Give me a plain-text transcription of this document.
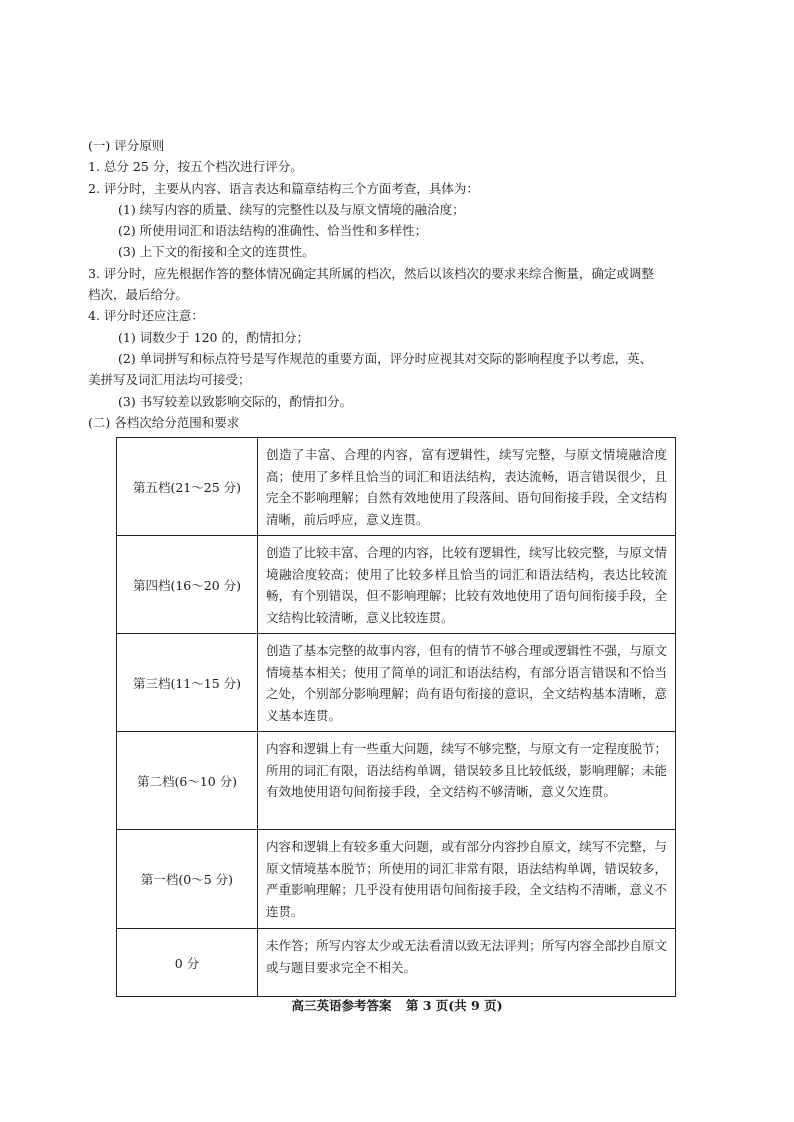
(一) 评分原则
1. 总分 25 分，按五个档次进行评分。
2. 评分时，主要从内容、语言表达和篇章结构三个方面考查，具体为：
(1) 续写内容的质量、续写的完整性以及与原文情境的融洽度；
(2) 所使用词汇和语法结构的准确性、恰当性和多样性；
(3) 上下文的衔接和全文的连贯性。
3. 评分时，应先根据作答的整体情况确定其所属的档次，然后以该档次的要求来综合衡量，确定或调整
档次，最后给分。
4. 评分时还应注意：
(1) 词数少于 120 的，酌情扣分；
(2) 单词拼写和标点符号是写作规范的重要方面，评分时应视其对交际的影响程度予以考虑，英、
美拼写及词汇用法均可接受；
(3) 书写较差以致影响交际的，酌情扣分。
(二) 各档次给分范围和要求
第五档(21～25 分)	创造了丰富、合理的内容，富有逻辑性，续写完整，与原文情境融洽度高；使用了多样且恰当的词汇和语法结构，表达流畅，语言错误很少，且完全不影响理解；自然有效地使用了段落间、语句间衔接手段，全文结构清晰，前后呼应，意义连贯。
第四档(16～20 分)	创造了比较丰富、合理的内容，比较有逻辑性，续写比较完整，与原文情境融洽度较高；使用了比较多样且恰当的词汇和语法结构，表达比较流畅，有个别错误，但不影响理解；比较有效地使用了语句间衔接手段，全文结构比较清晰，意义比较连贯。
第三档(11～15 分)	创造了基本完整的故事内容，但有的情节不够合理或逻辑性不强，与原文情境基本相关；使用了简单的词汇和语法结构，有部分语言错误和不恰当之处，个别部分影响理解；尚有语句衔接的意识，全文结构基本清晰，意义基本连贯。
第二档(6～10 分)	内容和逻辑上有一些重大问题，续写不够完整，与原文有一定程度脱节；所用的词汇有限，语法结构单调，错误较多且比较低级，影响理解；未能有效地使用语句间衔接手段，全文结构不够清晰，意义欠连贯。
第一档(0～5 分)	内容和逻辑上有较多重大问题，或有部分内容抄自原文，续写不完整，与原文情境基本脱节；所使用的词汇非常有限，语法结构单调，错误较多，严重影响理解；几乎没有使用语句间衔接手段，全文结构不清晰，意义不连贯。
0 分	未作答；所写内容太少或无法看清以致无法评判；所写内容全部抄自原文或与题目要求完全不相关。
高三英语参考答案 第 3 页(共 9 页)
